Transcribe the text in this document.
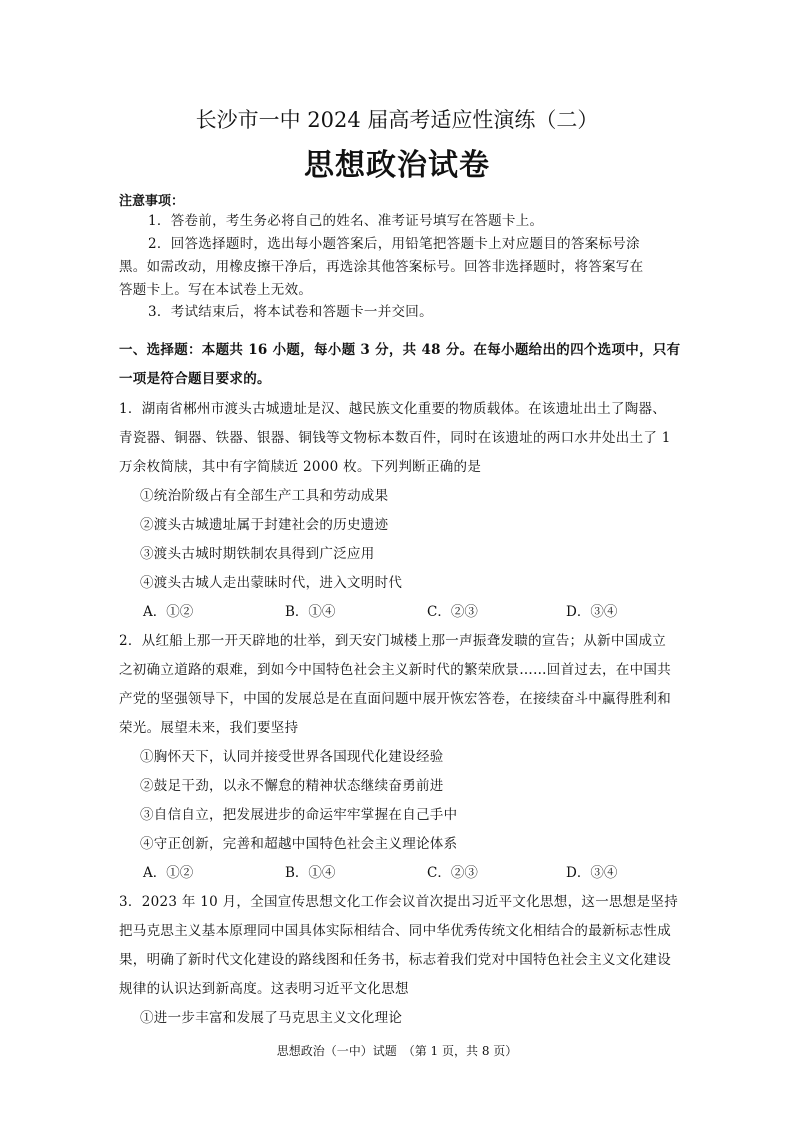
长沙市一中 2024 届高考适应性演练（二）
思想政治试卷
注意事项：
1．答卷前，考生务必将自己的姓名、准考证号填写在答题卡上。
2．回答选择题时，选出每小题答案后，用铅笔把答题卡上对应题目的答案标号涂
黑。如需改动，用橡皮擦干净后，再选涂其他答案标号。回答非选择题时，将答案写在
答题卡上。写在本试卷上无效。
3．考试结束后，将本试卷和答题卡一并交回。
一、选择题：本题共 16 小题，每小题 3 分，共 48 分。在每小题给出的四个选项中，只有
一项是符合题目要求的。
1．湖南省郴州市渡头古城遗址是汉、越民族文化重要的物质载体。在该遗址出土了陶器、
青瓷器、铜器、铁器、银器、铜钱等文物标本数百件，同时在该遗址的两口水井处出土了 1
万余枚简牍，其中有字简牍近 2000 枚。下列判断正确的是
①统治阶级占有全部生产工具和劳动成果
②渡头古城遗址属于封建社会的历史遗迹
③渡头古城时期铁制农具得到广泛应用
④渡头古城人走出蒙昧时代，进入文明时代
A．①②	B．①④	C．②③	D．③④
2．从红船上那一开天辟地的壮举，到天安门城楼上那一声振聋发聩的宣告；从新中国成立
之初确立道路的艰难，到如今中国特色社会主义新时代的繁荣欣景……回首过去，在中国共
产党的坚强领导下，中国的发展总是在直面问题中展开恢宏答卷，在接续奋斗中赢得胜利和
荣光。展望未来，我们要坚持
①胸怀天下，认同并接受世界各国现代化建设经验
②鼓足干劲，以永不懈怠的精神状态继续奋勇前进
③自信自立，把发展进步的命运牢牢掌握在自己手中
④守正创新，完善和超越中国特色社会主义理论体系
A．①②	B．①④	C．②③	D．③④
3．2023 年 10 月，全国宣传思想文化工作会议首次提出习近平文化思想，这一思想是坚持
把马克思主义基本原理同中国具体实际相结合、同中华优秀传统文化相结合的最新标志性成
果，明确了新时代文化建设的路线图和任务书，标志着我们党对中国特色社会主义文化建设
规律的认识达到新高度。这表明习近平文化思想
①进一步丰富和发展了马克思主义文化理论
思想政治（一中）试题　（第 1 页，共 8 页）
